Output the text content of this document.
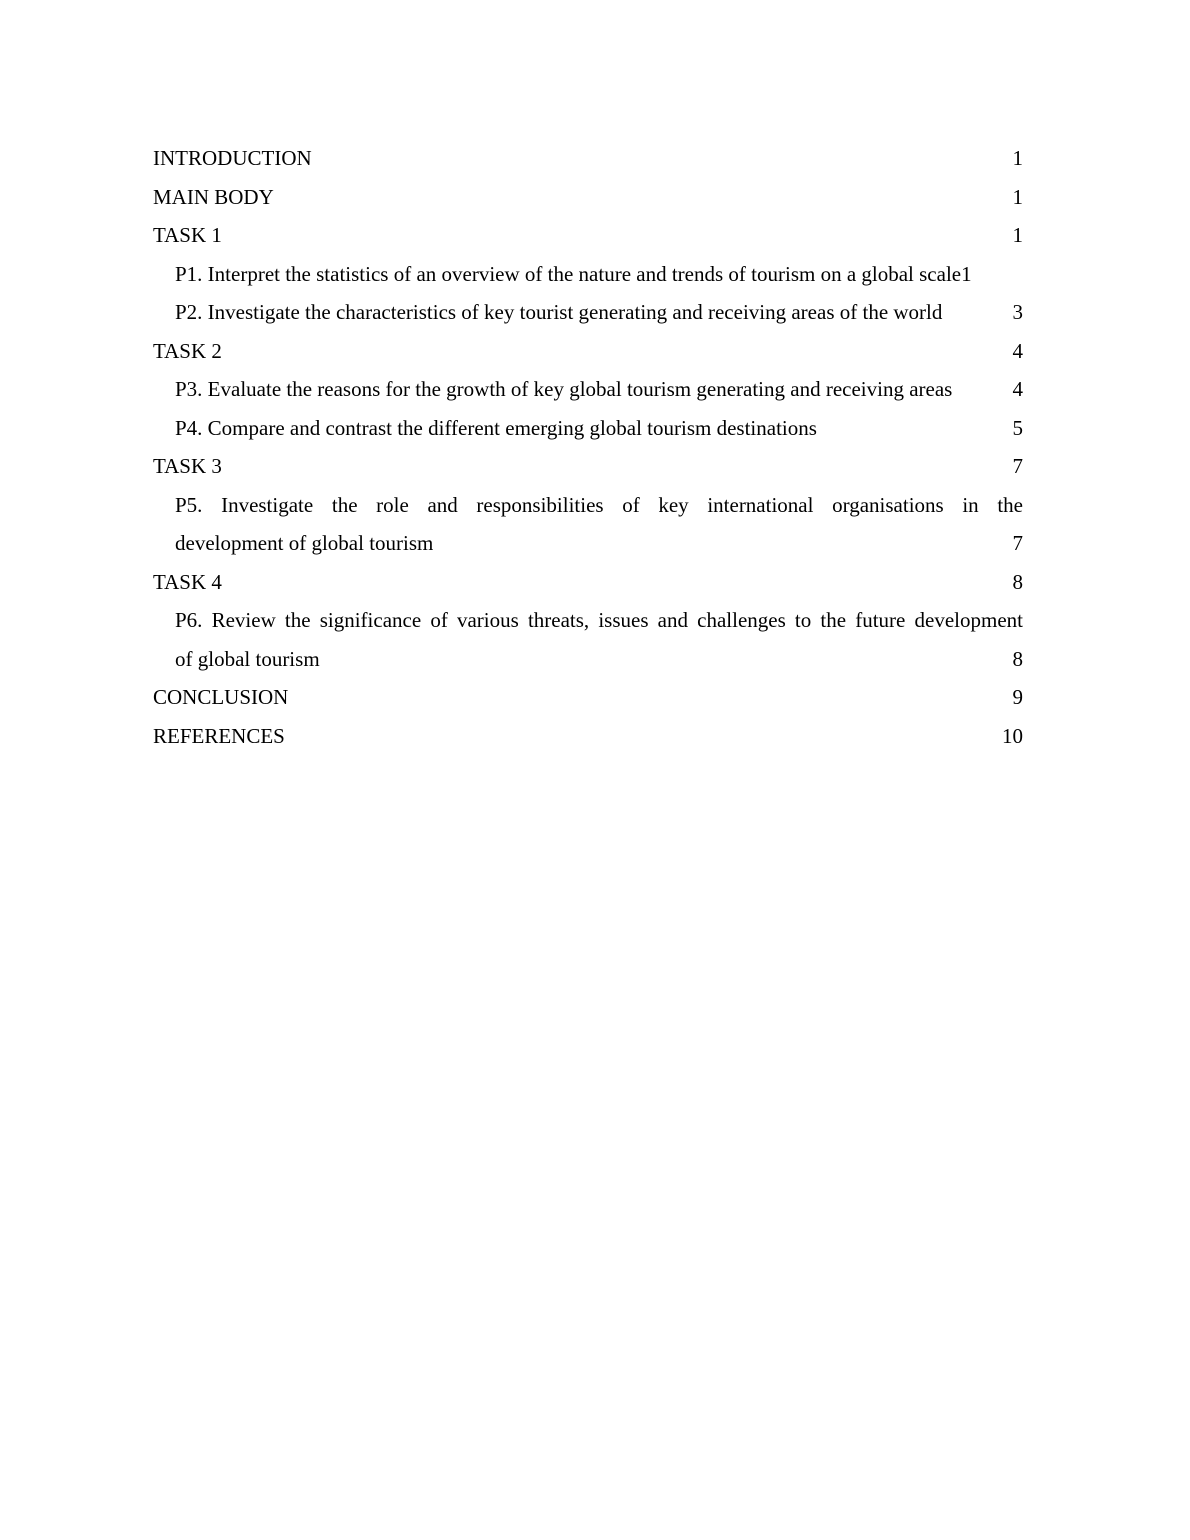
INTRODUCTION	1
MAIN BODY	1
TASK 1	1
P1. Interpret the statistics of an overview of the nature and trends of tourism on a global scale 1
P2. Investigate the characteristics of key tourist generating and receiving areas of the world	3
TASK 2	4
P3. Evaluate the reasons for the growth of key global tourism generating and receiving areas	4
P4. Compare and contrast the different emerging global tourism destinations	5
TASK 3	7
P5. Investigate the role and responsibilities of key international organisations in the
development of global tourism	7
TASK 4	8
P6. Review the significance of various threats, issues and challenges to the future development
of global tourism	8
CONCLUSION	9
REFERENCES	10
